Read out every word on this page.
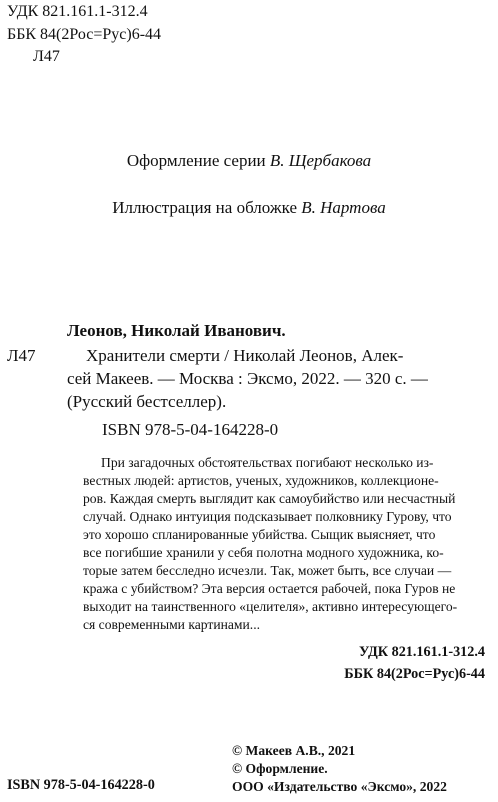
УДК 821.161.1-312.4
ББК 84(2Рос=Рус)6-44
Л47
Оформление серии В. Щербакова
Иллюстрация на обложке В. Нартова
Леонов, Николай Иванович.
Л47	Хранители смерти / Николай Леонов, Алек-
сей Макеев. — Москва : Эксмо, 2022. — 320 с. —
(Русский бестселлер).
ISBN 978-5-04-164228-0
При загадочных обстоятельствах погибают несколько из-
вестных людей: артистов, ученых, художников, коллекционе-
ров. Каждая смерть выглядит как самоубийство или несчастный
случай. Однако интуиция подсказывает полковнику Гурову, что
это хорошо спланированные убийства. Сыщик выясняет, что
все погибшие хранили у себя полотна модного художника, ко-
торые затем бесследно исчезли. Так, может быть, все случаи —
кража с убийством? Эта версия остается рабочей, пока Гуров не
выходит на таинственного «целителя», активно интересующего-
ся современными картинами...
УДК 821.161.1-312.4
ББК 84(2Рос=Рус)6-44
© Макеев А.В., 2021
© Оформление.
ISBN 978-5-04-164228-0	ООО «Издательство «Эксмо», 2022
